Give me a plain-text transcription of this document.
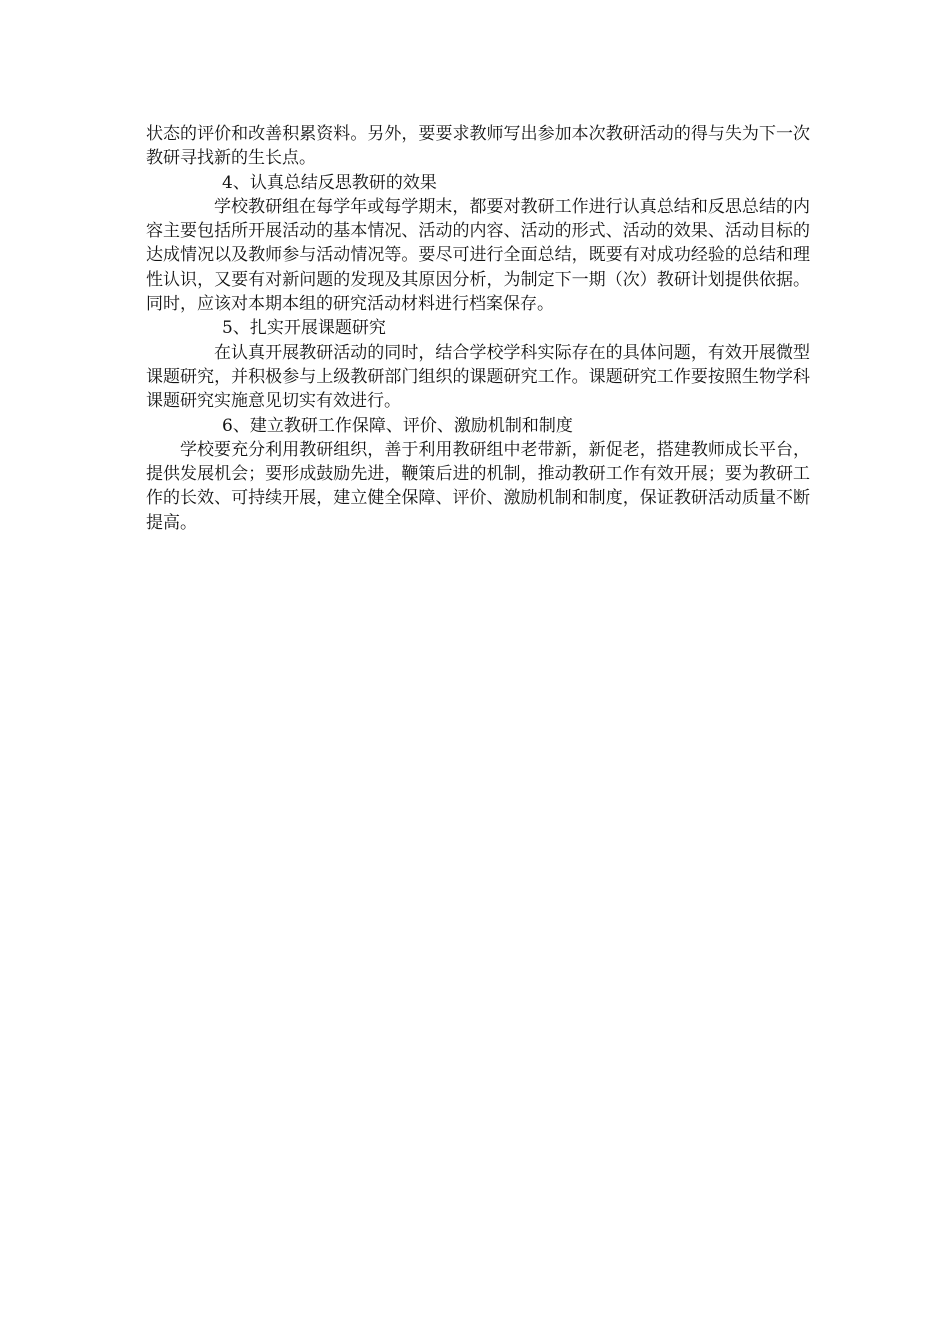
状态的评价和改善积累资料。另外，要要求教师写出参加本次教研活动的得与失为下一次教研寻找新的生长点。

4、认真总结反思教研的效果

学校教研组在每学年或每学期末，都要对教研工作进行认真总结和反思总结的内容主要包括所开展活动的基本情况、活动的内容、活动的形式、活动的效果、活动目标的达成情况以及教师参与活动情况等。要尽可进行全面总结，既要有对成功经验的总结和理性认识，又要有对新问题的发现及其原因分析，为制定下一期（次）教研计划提供依据。同时，应该对本期本组的研究活动材料进行档案保存。

5、扎实开展课题研究

在认真开展教研活动的同时，结合学校学科实际存在的具体问题，有效开展微型课题研究，并积极参与上级教研部门组织的课题研究工作。课题研究工作要按照生物学科课题研究实施意见切实有效进行。

6、建立教研工作保障、评价、激励机制和制度

学校要充分利用教研组织，善于利用教研组中老带新，新促老，搭建教师成长平台，提供发展机会；要形成鼓励先进，鞭策后进的机制，推动教研工作有效开展；要为教研工作的长效、可持续开展，建立健全保障、评价、激励机制和制度，保证教研活动质量不断提高。
